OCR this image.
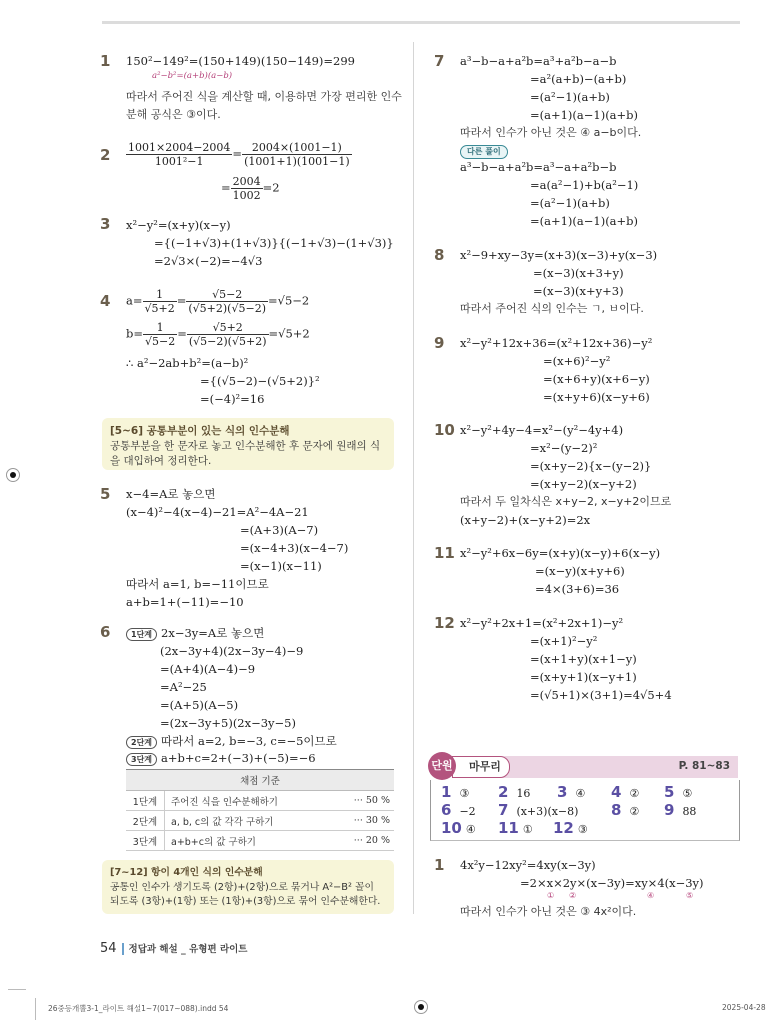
1 150²−149²=(150+149)(150−149)=299
a²−b²=(a+b)(a−b)
따라서 주어진 식을 계산할 때, 이용하면 가장 편리한 인수
분해 공식은 ③이다.
$2 \frac{1001\times 2004-2004}{\text{1001²−1}} = \frac{2004\times(1001-1)}{(1001+1)(1001-1)}$
= $\frac{2004}{1002} =2$
3 x²−y²=(x+y)(x−y)
={(−1+√3)+(1+√3)}{(−1+√3)−(1+√3)}
=2√3×(−2)=−4√3
4 $a= \frac{1}{√5+2} = \frac{√5-2}{(√5+2)(√5-2)} =√5-2$
$b= \frac{1}{√5-2} = \frac{√5+2}{(√5-2)(√5+2)} =√5+2$
∴ a²−2ab+b²=(a−b)²
={(√5−2)−(√5+2)}²
=(−4)²=16
[5~6] 공통부분이 있는 식의 인수분해
공통부분을 한 문자로 놓고 인수분해한 후 문자에 원래의 식을 대입하여 정리한다.
5 x−4=A로 놓으면
(x−4)²−4(x−4)−21=A²−4A−21
=(A+3)(A−7)
=(x−4+3)(x−4−7)
=(x−1)(x−11)
따라서 a=1, b=−11이므로
a+b=1+(−11)=−10
6	1단계 2x−3y=A로 놓으면
(2x−3y+4)(2x−3y−4)−9
=(A+4)(A−4)−9
=A²−25
=(A+5)(A−5)
=(2x−3y+5)(2x−3y−5)
2단계 따라서 a=2, b=−3, c=−5이므로
3단계 a+b+c=2+(−3)+(−5)=−6
채점 기준		
1단계	주어진 식을 인수분해하기	··· 50 %
2단계	a, b, c의 값 각각 구하기	··· 30 %
3단계	a+b+c의 값 구하기	··· 20 %
[7~12] 항이 4개인 식의 인수분해
공통인 인수가 생기도록 (2항)+(2항)으로 묶거나 A²−B² 꼴이 되도록 (3항)+(1항) 또는 (1항)+(3항)으로 묶어 인수분해한다.
7 a³−b−a+a²b=a³+a²b−a−b
=a²(a+b)−(a+b)
=(a²−1)(a+b)
=(a+1)(a−1)(a+b)
따라서 인수가 아닌 것은 ④ a−b이다.
다른 풀이
a³−b−a+a²b=a³−a+a²b−b
=a(a²−1)+b(a²−1)
=(a²−1)(a+b)
=(a+1)(a−1)(a+b)
8 x²−9+xy−3y=(x+3)(x−3)+y(x−3)
=(x−3)(x+3+y)
=(x−3)(x+y+3)
따라서 주어진 식의 인수는 ㄱ, ㅂ이다.
9 x²−y²+12x+36=(x²+12x+36)−y²
=(x+6)²−y²
=(x+6+y)(x+6−y)
=(x+y+6)(x−y+6)
10 x²−y²+4y−4=x²−(y²−4y+4)
=x²−(y−2)²
=(x+y−2){x−(y−2)}
=(x+y−2)(x−y+2)
따라서 두 일차식은 x+y−2, x−y+2이므로
(x+y−2)+(x−y+2)=2x
11 x²−y²+6x−6y=(x+y)(x−y)+6(x−y)
=(x−y)(x+y+6)
=4×(3+6)=36
12 x²−y²+2x+1=(x²+2x+1)−y²
=(x+1)²−y²
=(x+1+y)(x+1−y)
=(x+y+1)(x−y+1)
=(√5+1)×(3+1)=4√5+4
마무리
단원	P. 81~83
1 ③ 2 16 3 ④ 4 ② 5 ⑤
6 −2 7 (x+3)(x−8) 8 ② 9 88
10 ④ 11 ① 12 ③
1 4x²y−12xy²=4xy(x−3y)
=2×x×2y×(x−3y)=xy×4(x−3y)
① ②	④	⑤
따라서 인수가 아닌 것은 ③ 4x²이다.
54 정답과 해설 _ 유형편 라이트
26중등개뿔3-1_라이트 해설1~7(017~088).indd 54	2025-04-28
